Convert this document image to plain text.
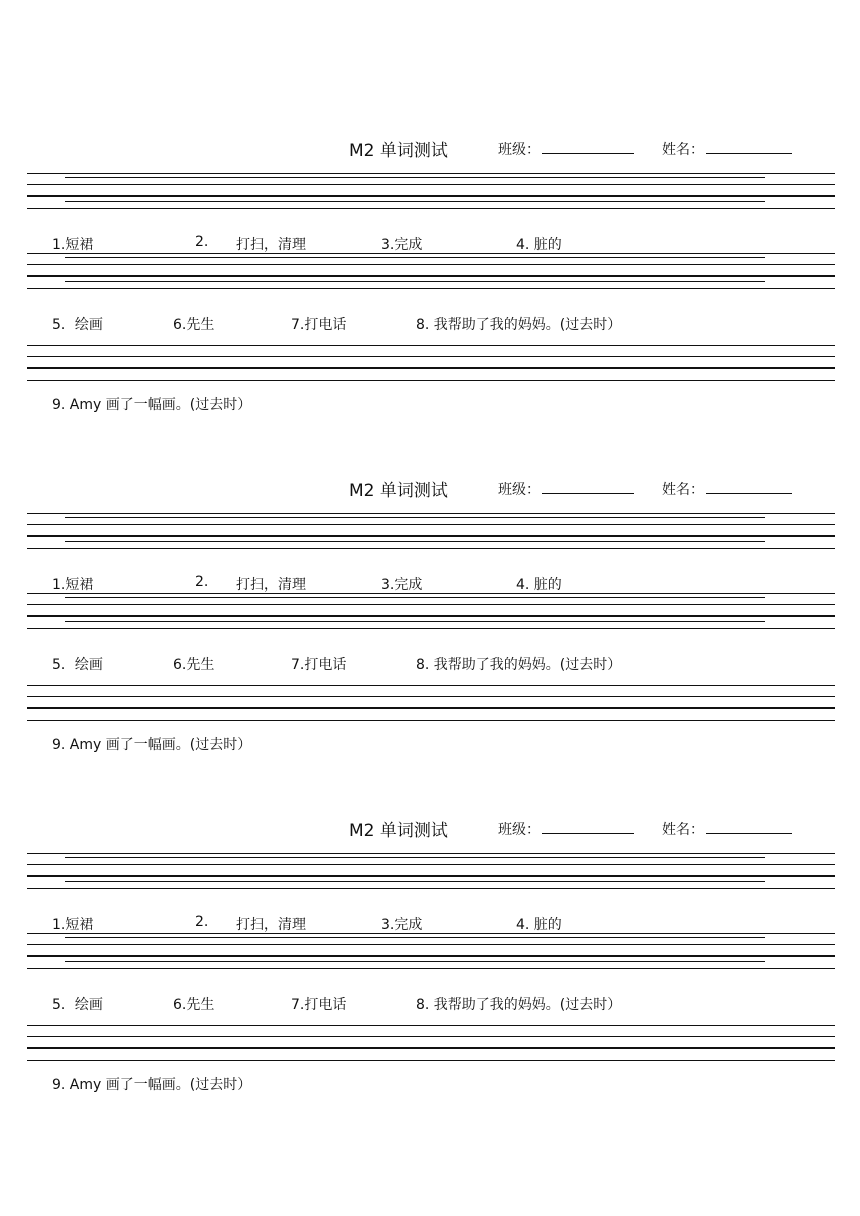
M2 单词测试	班级：	姓名：
1.短裙	2. 打扫，清理	3.完成	4. 脏的
5．绘画	6.先生	7.打电话	8. 我帮助了我的妈妈。(过去时）
9. Amy 画了一幅画。(过去时）
M2 单词测试	班级：	姓名：
1.短裙	2. 打扫，清理	3.完成	4. 脏的
5．绘画	6.先生	7.打电话	8. 我帮助了我的妈妈。(过去时）
9. Amy 画了一幅画。(过去时）
M2 单词测试	班级：	姓名：
1.短裙	2. 打扫，清理	3.完成	4. 脏的
5．绘画	6.先生	7.打电话	8. 我帮助了我的妈妈。(过去时）
9. Amy 画了一幅画。(过去时）
